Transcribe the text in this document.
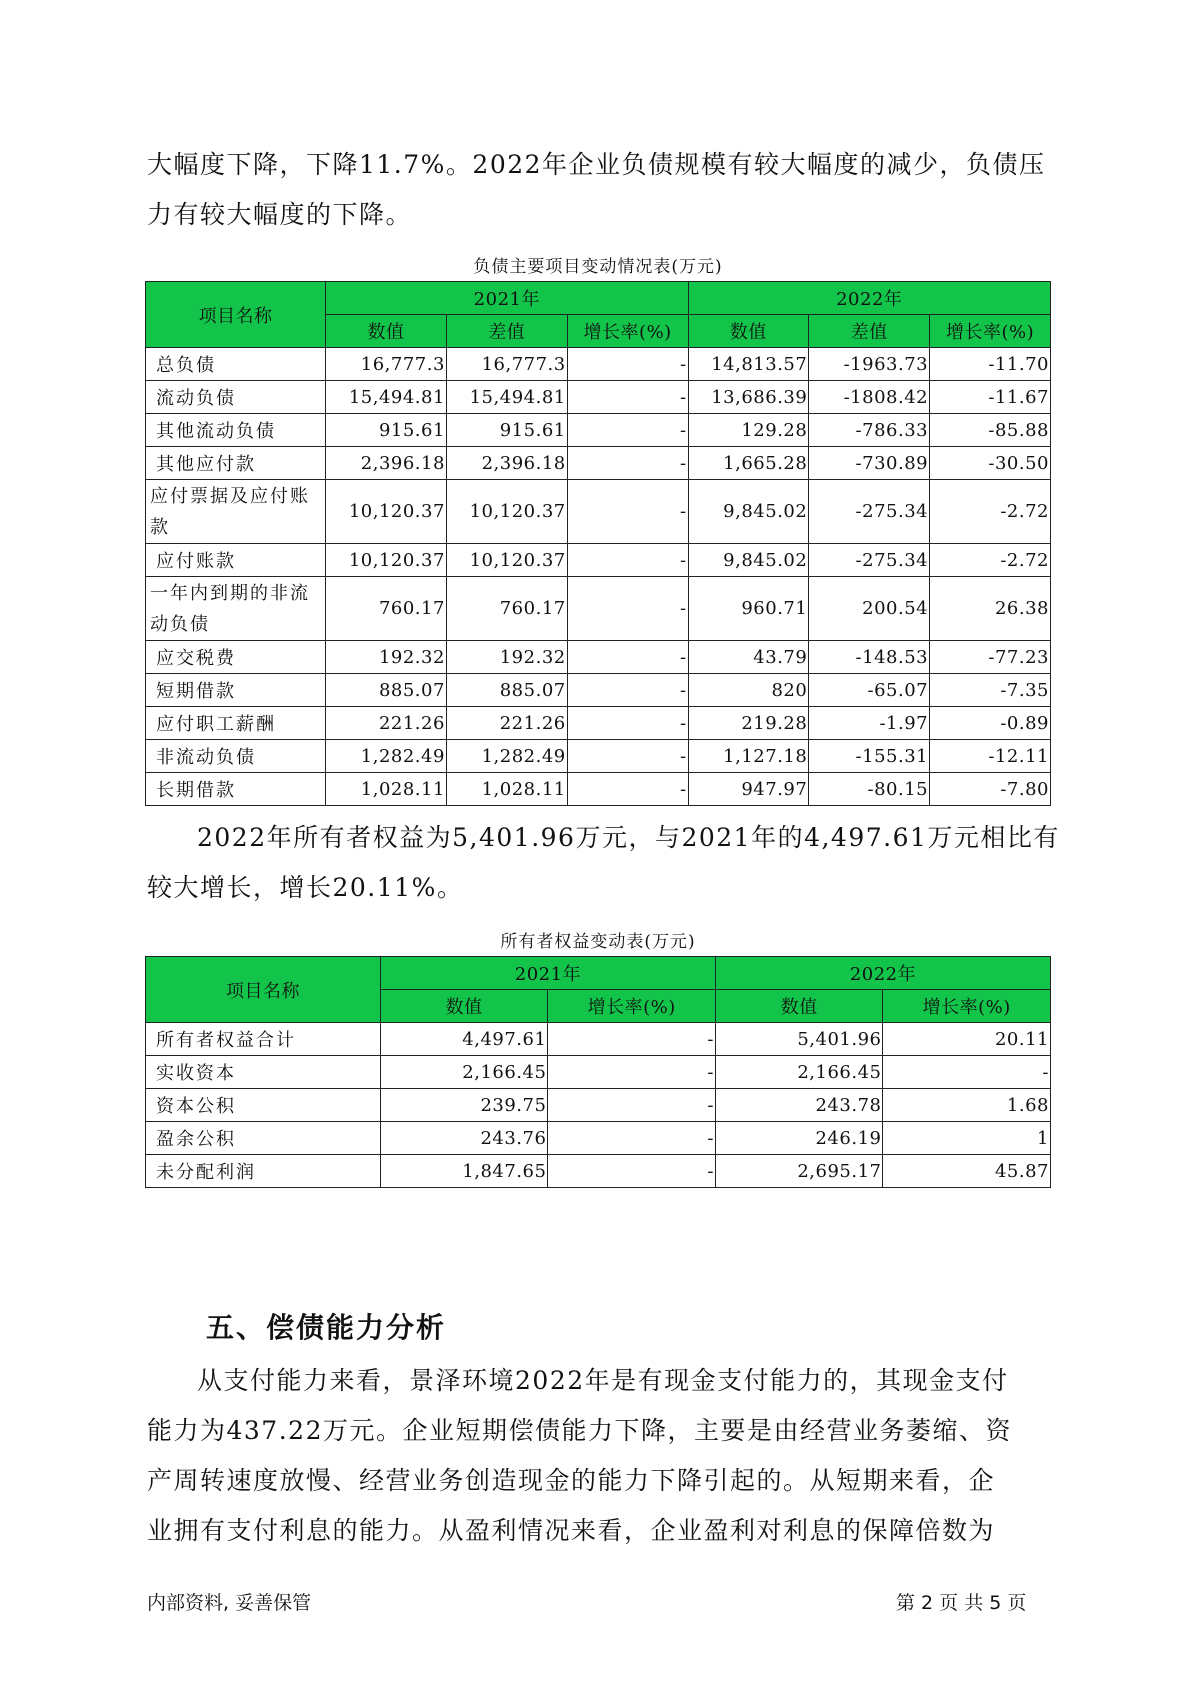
大幅度下降，下降11.7%。2022年企业负债规模有较大幅度的减少，负债压
力有较大幅度的下降。

负债主要项目变动情况表(万元)
项目名称	2021年			2022年		
	数值	差值	增长率(%)	数值	差值	增长率(%)
总负债	16,777.3	16,777.3	-	14,813.57	-1963.73	-11.70
流动负债	15,494.81	15,494.81	-	13,686.39	-1808.42	-11.67
其他流动负债	915.61	915.61	-	129.28	-786.33	-85.88
其他应付款	2,396.18	2,396.18	-	1,665.28	-730.89	-30.50
应付票据及应付账款	10,120.37	10,120.37	-	9,845.02	-275.34	-2.72
应付账款	10,120.37	10,120.37	-	9,845.02	-275.34	-2.72
一年内到期的非流动负债	760.17	760.17	-	960.71	200.54	26.38
应交税费	192.32	192.32	-	43.79	-148.53	-77.23
短期借款	885.07	885.07	-	820	-65.07	-7.35
应付职工薪酬	221.26	221.26	-	219.28	-1.97	-0.89
非流动负债	1,282.49	1,282.49	-	1,127.18	-155.31	-12.11
长期借款	1,028.11	1,028.11	-	947.97	-80.15	-7.80

2022年所有者权益为5,401.96万元，与2021年的4,497.61万元相比有
较大增长，增长20.11%。

所有者权益变动表(万元)
项目名称	2021年		2022年	
	数值	增长率(%)	数值	增长率(%)
所有者权益合计	4,497.61	-	5,401.96	20.11
实收资本	2,166.45	-	2,166.45	-
资本公积	239.75	-	243.78	1.68
盈余公积	243.76	-	246.19	1
未分配利润	1,847.65	-	2,695.17	45.87
五、偿债能力分析

从支付能力来看，景泽环境2022年是有现金支付能力的，其现金支付
能力为437.22万元。企业短期偿债能力下降，主要是由经营业务萎缩、资
产周转速度放慢、经营业务创造现金的能力下降引起的。从短期来看，企
业拥有支付利息的能力。从盈利情况来看，企业盈利对利息的保障倍数为

内部资料, 妥善保管	第 2 页 共 5 页
